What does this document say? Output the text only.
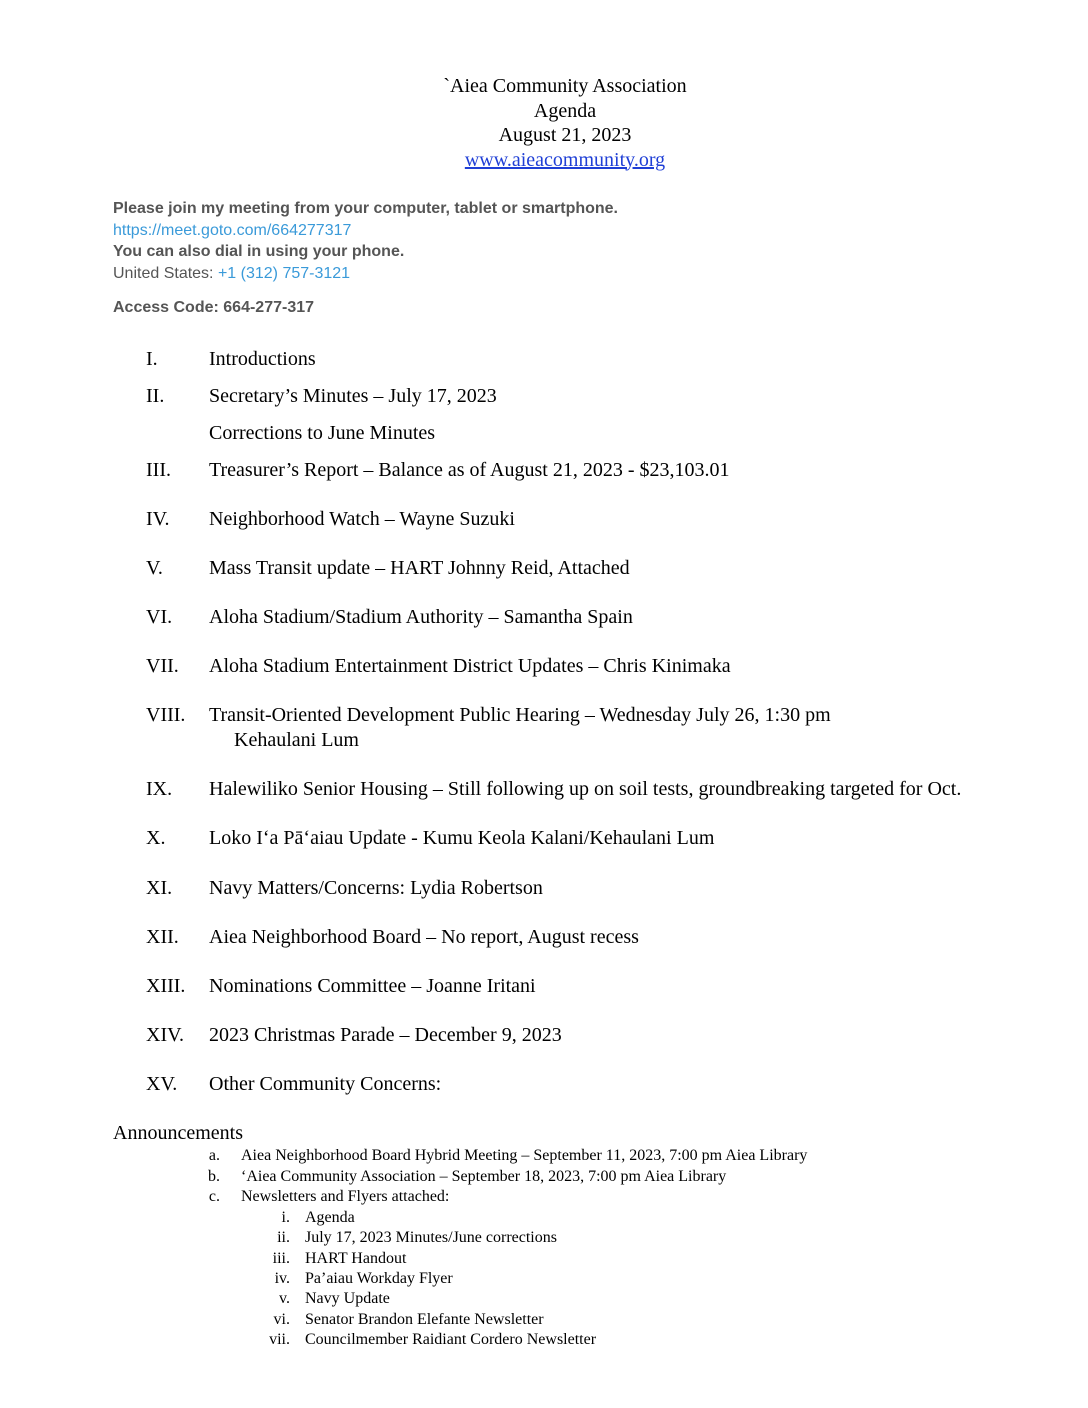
`Aiea Community Association
Agenda
August 21, 2023
www.aieacommunity.org
Please join my meeting from your computer, tablet or smartphone.
https://meet.goto.com/664277317
You can also dial in using your phone.
United States: +1 (312) 757-3121
Access Code: 664-277-317
I.	Introductions
II. Secretary’s Minutes – July 17, 2023
Corrections to June Minutes
III. Treasurer’s Report – Balance as of August 21, 2023 - $23,103.01
IV. Neighborhood Watch – Wayne Suzuki
V. Mass Transit update – HART Johnny Reid, Attached
VI. Aloha Stadium/Stadium Authority – Samantha Spain
VII. Aloha Stadium Entertainment District Updates – Chris Kinimaka
VIII. Transit-Oriented Development Public Hearing – Wednesday July 26, 1:30 pm
Kehaulani Lum
IX. Halewiliko Senior Housing – Still following up on soil tests, groundbreaking targeted for Oct.
X. Loko Iʻa Pāʻaiau Update - Kumu Keola Kalani/Kehaulani Lum
XI. Navy Matters/Concerns: Lydia Robertson
XII. Aiea Neighborhood Board – No report, August recess
XIII. Nominations Committee – Joanne Iritani
XIV. 2023 Christmas Parade – December 9, 2023
XV. Other Community Concerns:
Announcements
a. Aiea Neighborhood Board Hybrid Meeting – September 11, 2023, 7:00 pm Aiea Library
b. ‘Aiea Community Association – September 18, 2023, 7:00 pm Aiea Library
c. Newsletters and Flyers attached:
i. Agenda
ii. July 17, 2023 Minutes/June corrections
iii. HART Handout
iv. Pa’aiau Workday Flyer
v. Navy Update
vi. Senator Brandon Elefante Newsletter
vii. Councilmember Raidiant Cordero Newsletter
